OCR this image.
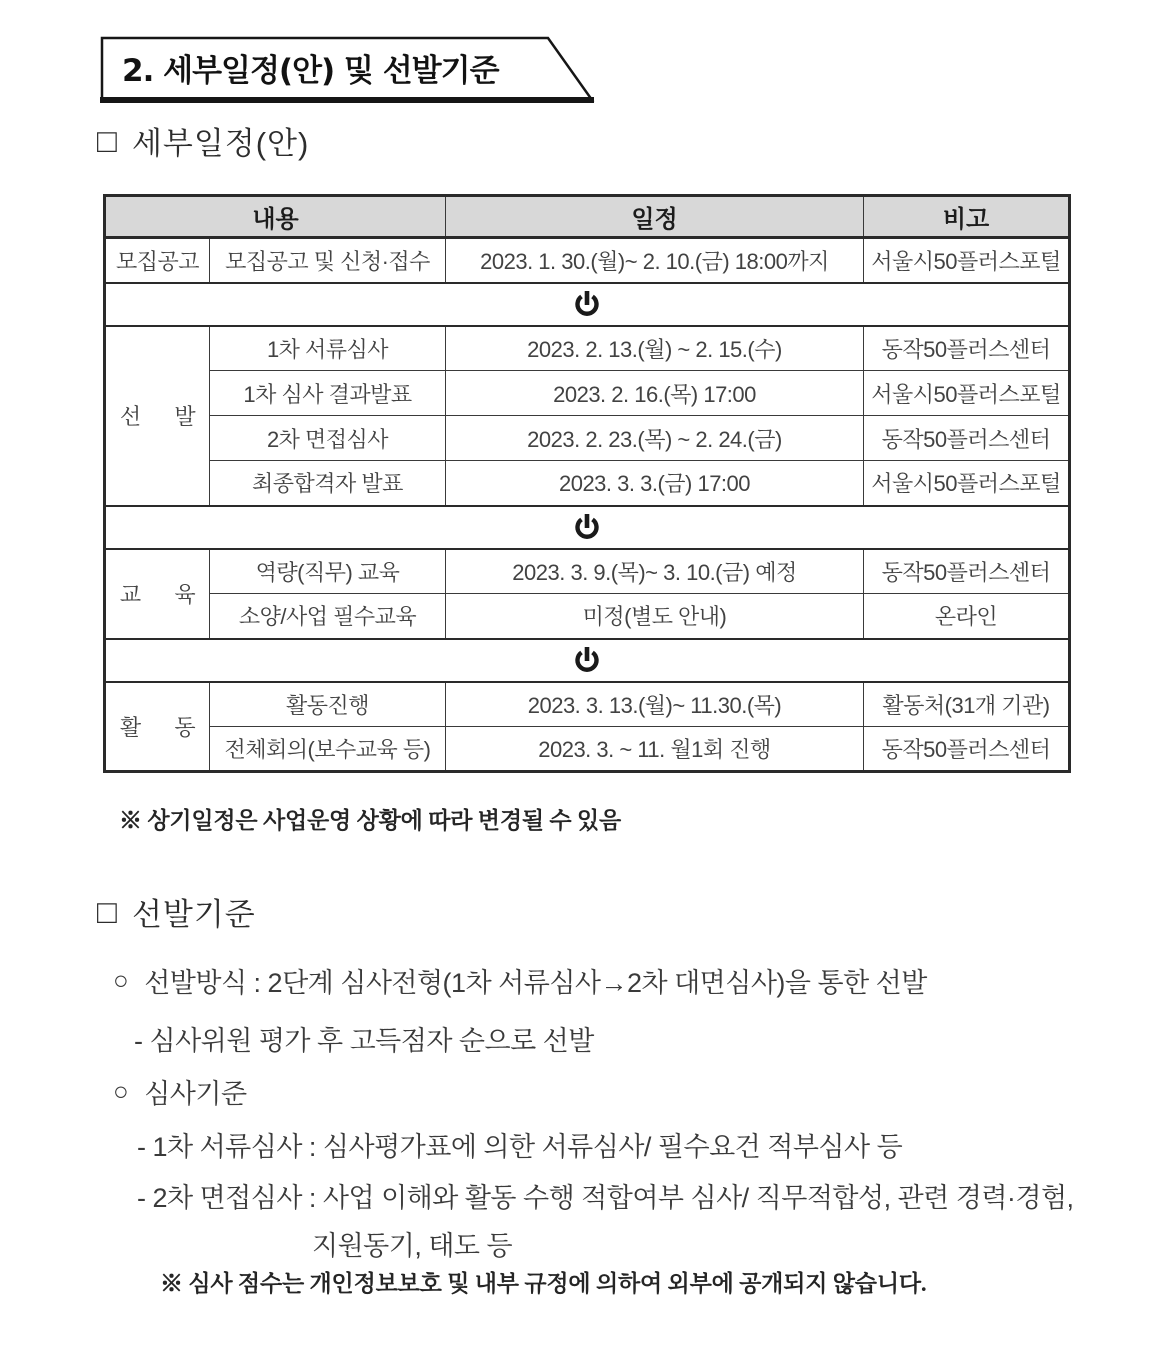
2. 세부일정(안) 및 선발기준
□ 세부일정(안)
내용		일정	비고
모집공고	모집공고 및 신청·접수	2023. 1. 30.(월)~ 2. 10.(금) 18:00까지	서울시50플러스포털

선      발	1차 서류심사	2023. 2. 13.(월) ~ 2. 15.(수)	동작50플러스센터
	1차 심사 결과발표	2023. 2. 16.(목) 17:00	서울시50플러스포털
	2차 면접심사	2023. 2. 23.(목) ~ 2. 24.(금)	동작50플러스센터
	최종합격자 발표	2023. 3. 3.(금) 17:00	서울시50플러스포털

교      육	역량(직무) 교육	2023. 3. 9.(목)~ 3. 10.(금) 예정	동작50플러스센터
	소양/사업 필수교육	미정(별도 안내)	온라인

활      동	활동진행	2023. 3. 13.(월)~ 11.30.(목)	활동처(31개 기관)
	전체회의(보수교육 등)	2023. 3. ~ 11. 월1회 진행	동작50플러스센터
※ 상기일정은 사업운영 상황에 따라 변경될 수 있음
□ 선발기준
○ 선발방식 : 2단계 심사전형(1차 서류심사→2차 대면심사)을 통한 선발
- 심사위원 평가 후 고득점자 순으로 선발
○ 심사기준
- 1차 서류심사 : 심사평가표에 의한 서류심사/ 필수요건 적부심사 등
- 2차 면접심사 : 사업 이해와 활동 수행 적합여부 심사/ 직무적합성, 관련 경력·경험,
지원동기, 태도 등
※ 심사 점수는 개인정보보호 및 내부 규정에 의하여 외부에 공개되지 않습니다.
